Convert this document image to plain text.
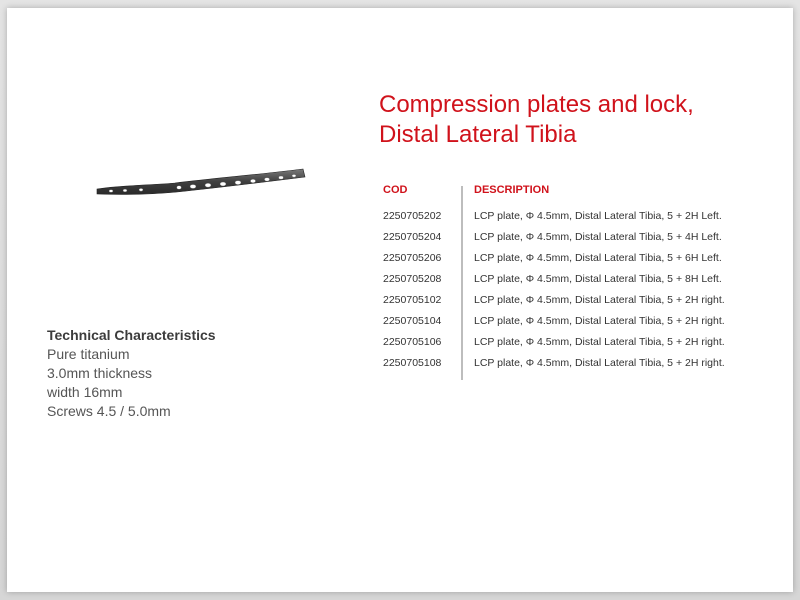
Compression plates and lock,
Distal Lateral Tibia
Technical Characteristics
Pure titanium
3.0mm thickness
width 16mm
Screws 4.5 / 5.0mm
COD	DESCRIPTION
2250705202	LCP plate, Φ 4.5mm, Distal Lateral Tibia, 5 + 2H Left.
2250705204	LCP plate, Φ 4.5mm, Distal Lateral Tibia, 5 + 4H Left.
2250705206	LCP plate, Φ 4.5mm, Distal Lateral Tibia, 5 + 6H Left.
2250705208	LCP plate, Φ 4.5mm, Distal Lateral Tibia, 5 + 8H Left.
2250705102	LCP plate, Φ 4.5mm, Distal Lateral Tibia, 5 + 2H right.
2250705104	LCP plate, Φ 4.5mm, Distal Lateral Tibia, 5 + 2H right.
2250705106	LCP plate, Φ 4.5mm, Distal Lateral Tibia, 5 + 2H right.
2250705108	LCP plate, Φ 4.5mm, Distal Lateral Tibia, 5 + 2H right.
